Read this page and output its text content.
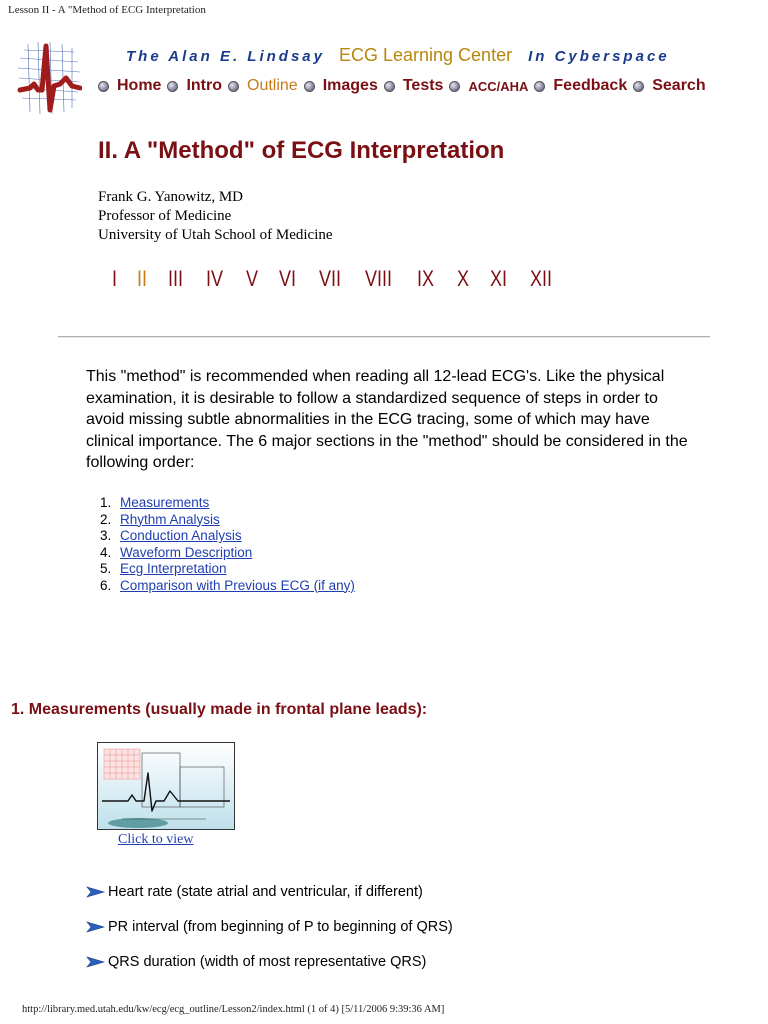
Lesson II - A "Method of ECG Interpretation
The Alan E. Lindsay ECG Learning Center In Cyberspace
Home Intro Outline Images Tests ACC/AHA Feedback Search
II. A "Method" of ECG Interpretation
Frank G. Yanowitz, MD
Professor of Medicine
University of Utah School of Medicine
I II III IV V VI VII VIII IX X XI XII
This "method" is recommended when reading all 12-lead ECG's. Like the physical examination, it is desirable to follow a standardized sequence of steps in order to avoid missing subtle abnormalities in the ECG tracing, some of which may have clinical importance. The 6 major sections in the "method" should be considered in the following order:
1. Measurements
2. Rhythm Analysis
3. Conduction Analysis
4. Waveform Description
5. Ecg Interpretation
6. Comparison with Previous ECG (if any)
1. Measurements (usually made in frontal plane leads):
Click to view
Heart rate (state atrial and ventricular, if different)
PR interval (from beginning of P to beginning of QRS)
QRS duration (width of most representative QRS)
http://library.med.utah.edu/kw/ecg/ecg_outline/Lesson2/index.html (1 of 4) [5/11/2006 9:39:36 AM]
